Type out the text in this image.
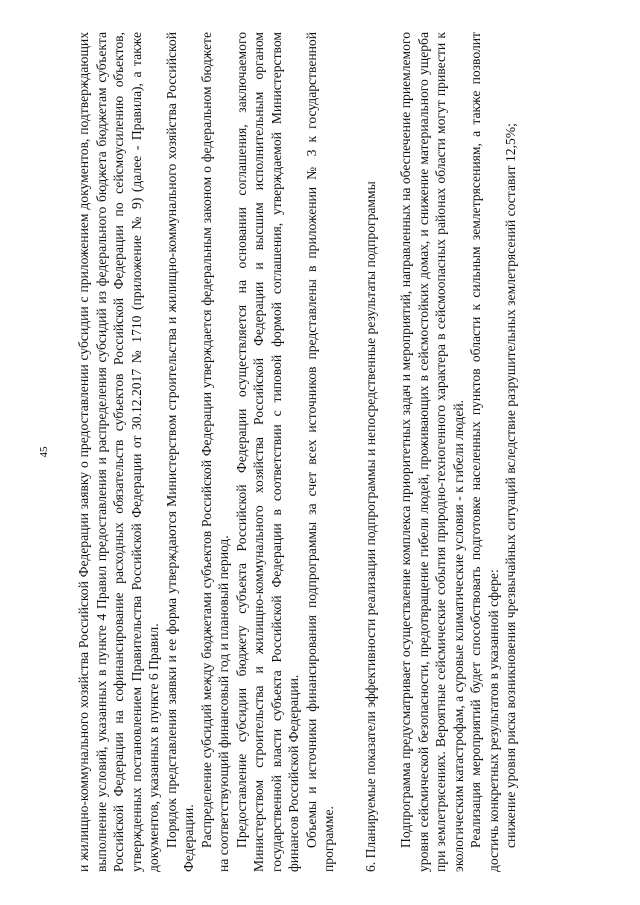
45 и жилищно-коммунального хозяйства Российской Федерации заявку о предоставлении субсидии с приложением документов, подтверждающих выполнение условий, указанных в пункте 4 Правил предоставления и распределения субсидий из федерального бюджета бюджетам субъекта Российской Федерации на софинансирование расходных обязательств субъектов Российской Федерации по сейсмоусилению объектов, утвержденных постановлением Правительства Российской Федерации от 30.12.2017 № 1710 (приложение № 9) (далее - Правила), а также документов, указанных в пункте 6 Правил. Порядок представления заявки и ее форма утверждаются Министерством строительства и жилищно-коммунального хозяйства Российской Федерации. Распределение субсидий между бюджетами субъектов Российской Федерации утверждается федеральным законом о федеральном бюджете на соответствующий финансовый год и плановый период. Предоставление субсидии бюджету субъекта Российской Федерации осуществляется на основании соглашения, заключаемого Министерством строительства и жилищно-коммунального хозяйства Российской Федерации и высшим исполнительным органом государственной власти субъекта Российской Федерации в соответствии с типовой формой соглашения, утверждаемой Министерством финансов Российской Федерации. Объемы и источники финансирования подпрограммы за счет всех источников представлены в приложении № 3 к государственной программе. 6. Планируемые показатели эффективности реализации подпрограммы и непосредственные результаты подпрограммы Подпрограмма предусматривает осуществление комплекса приоритетных задач и мероприятий, направленных на обеспечение приемлемого уровня сейсмической безопасности, предотвращение гибели людей, проживающих в сейсмостойких домах, и снижение материального ущерба при землетрясениях. Вероятные сейсмические события природно-техногенного характера в сейсмоопасных районах области могут привести к экологическим катастрофам, а суровые климатические условия - к гибели людей. Реализация мероприятий будет способствовать подготовке населенных пунктов области к сильным землетрясениям, а также позволит достичь конкретных результатов в указанной сфере: снижение уровня риска возникновения чрезвычайных ситуаций вследствие разрушительных землетрясений составит 12,5%;
